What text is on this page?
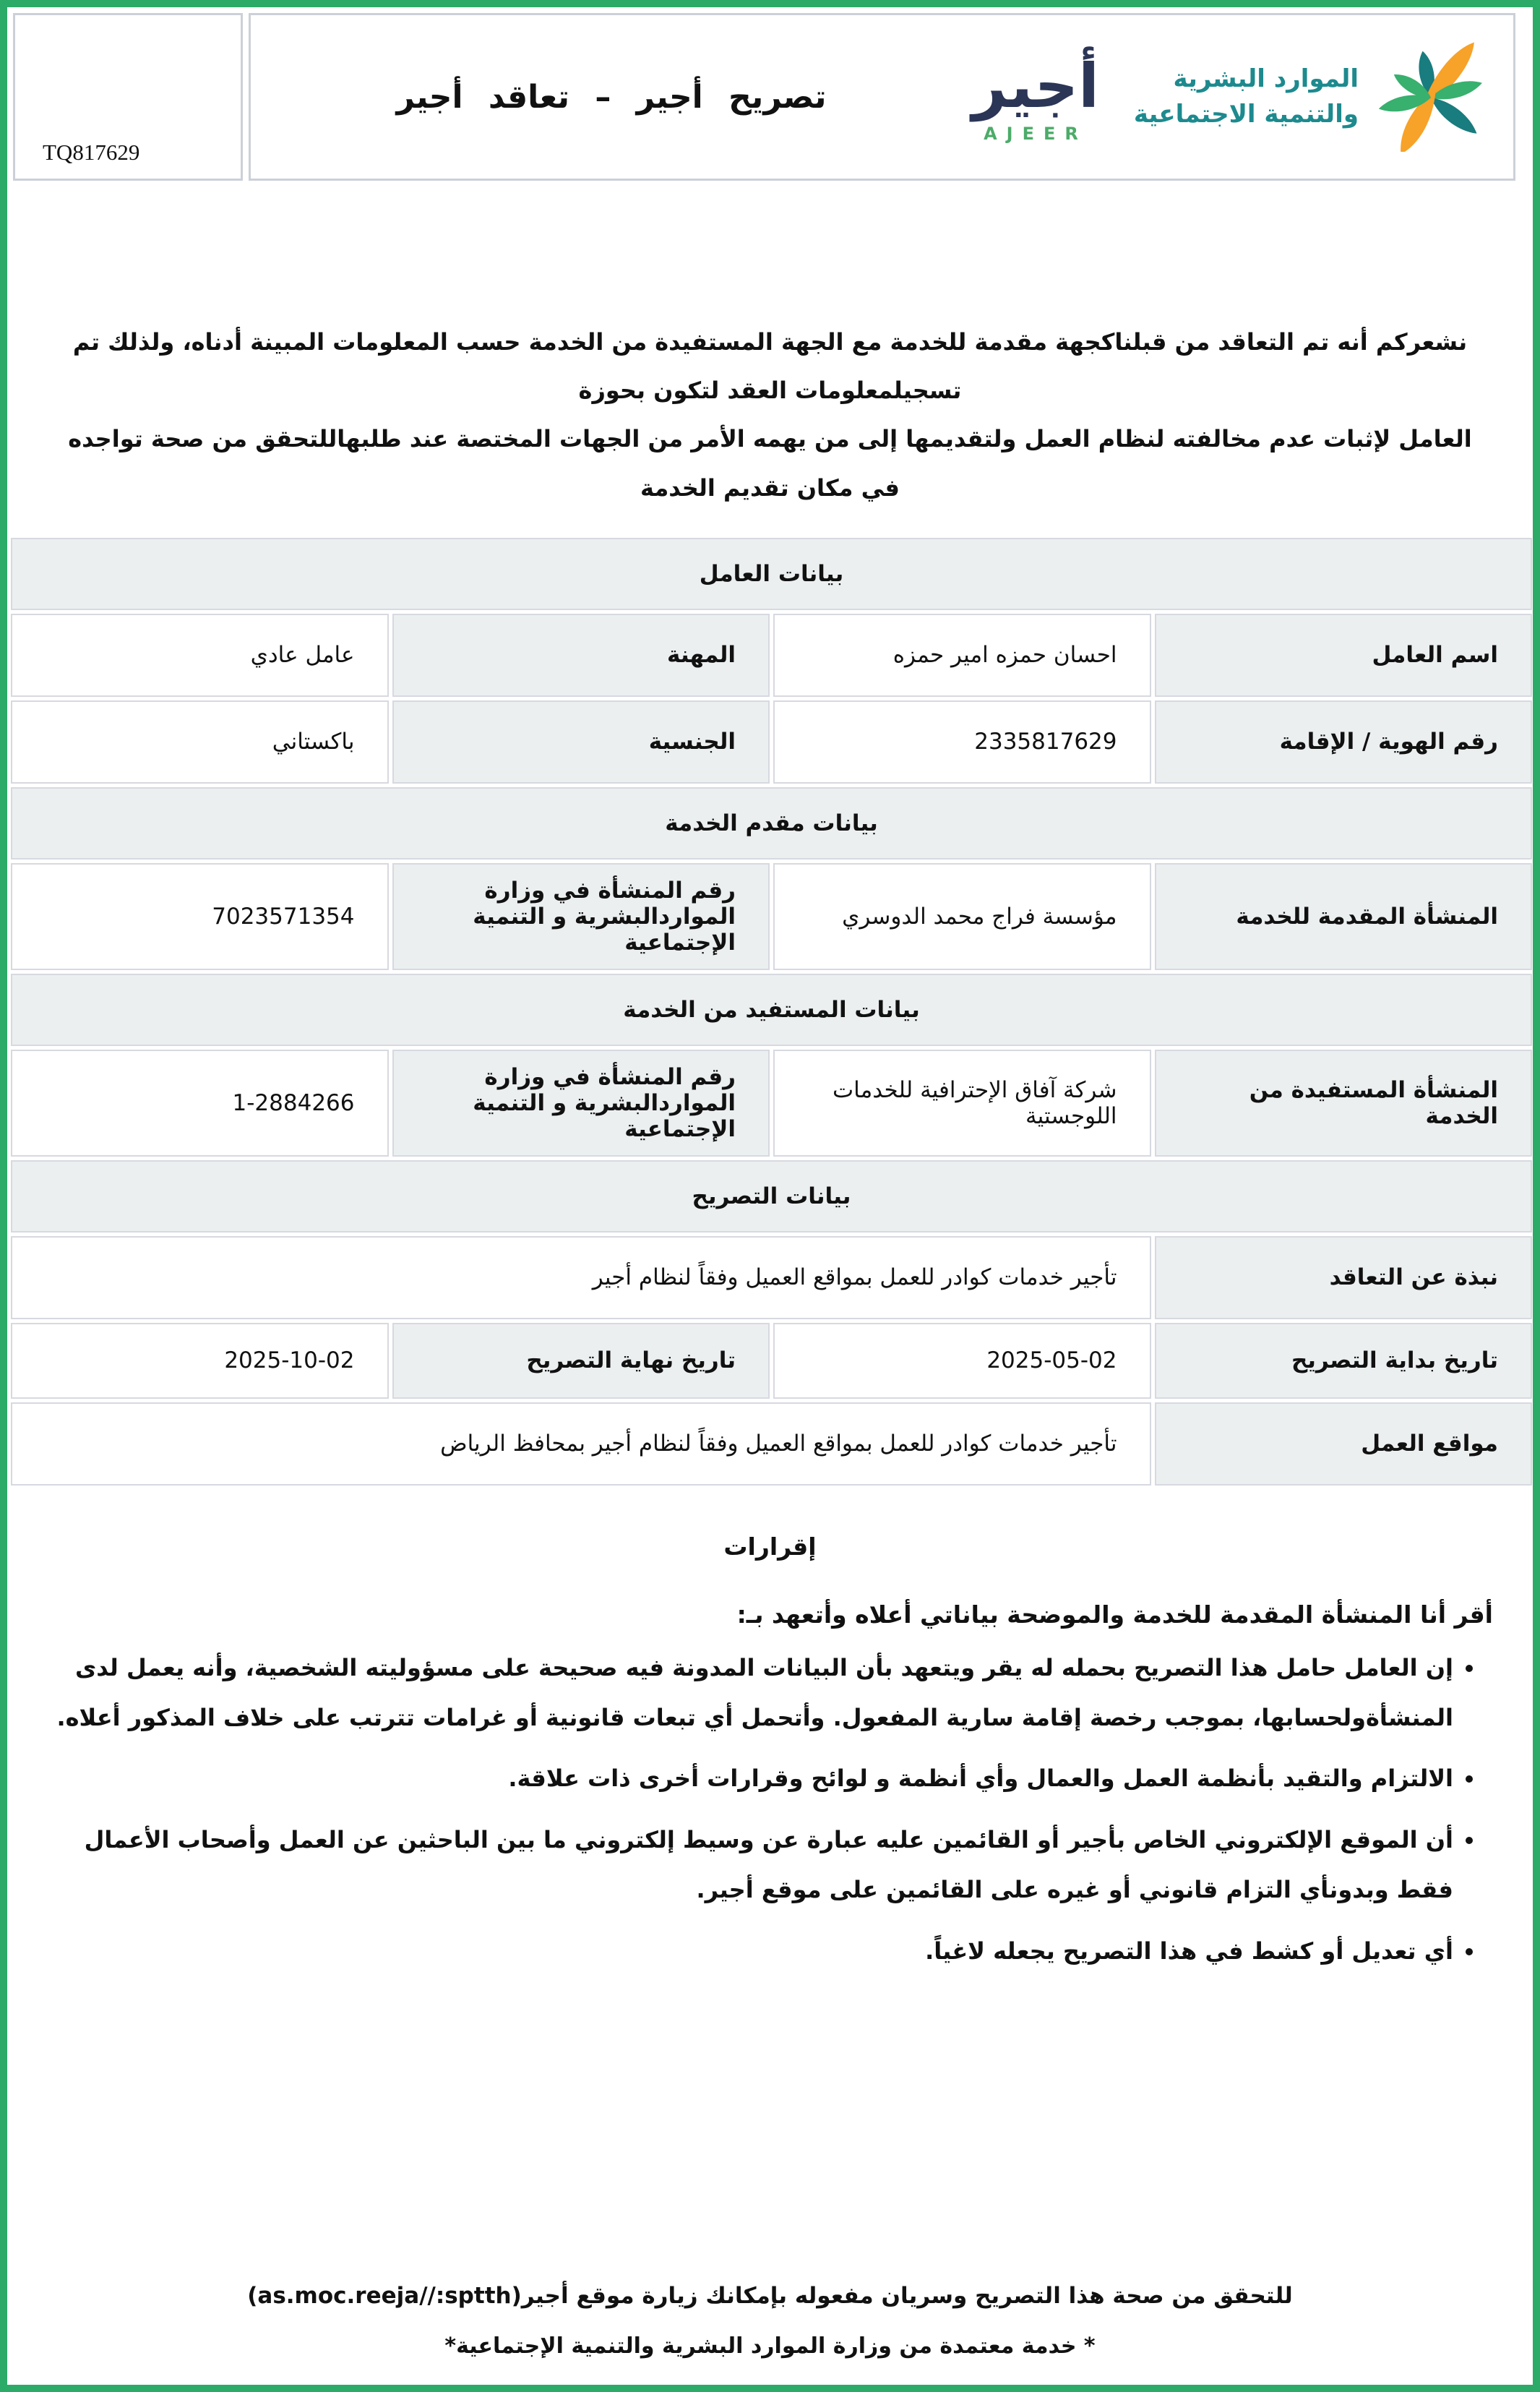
TQ817629
الموارد البشرية
والتنمية الاجتماعية
أجير
AJEER
تصريح أجير – تعاقد أجير
نشعركم أنه تم التعاقد من قبلناكجهة مقدمة للخدمة مع الجهة المستفيدة من الخدمة حسب المعلومات المبينة أدناه، ولذلك تم تسجيلمعلومات العقد لتكون بحوزة
العامل لإثبات عدم مخالفته لنظام العمل ولتقديمها إلى من يهمه الأمر من الجهات المختصة عند طلبهاللتحقق من صحة تواجده في مكان تقديم الخدمة
بيانات العامل			
اسم العامل	احسان حمزه امير حمزه	المهنة	عامل عادي
رقم الهوية / الإقامة	2335817629	الجنسية	باكستاني
بيانات مقدم الخدمة			
المنشأة المقدمة للخدمة	مؤسسة فراج محمد الدوسري	رقم المنشأة في وزارة المواردالبشرية و التنمية الإجتماعية	7023571354
بيانات المستفيد من الخدمة			
المنشأة المستفيدة من الخدمة	شركة آفاق الإحترافية للخدمات اللوجستية	رقم المنشأة في وزارة المواردالبشرية و التنمية الإجتماعية	1-2884266
بيانات التصريح			
نبذة عن التعاقد	تأجير خدمات كوادر للعمل بمواقع العميل وفقاً لنظام أجير		
تاريخ بداية التصريح	2025-05-02	تاريخ نهاية التصريح	2025-10-02
مواقع العمل	تأجير خدمات كوادر للعمل بمواقع العميل وفقاً لنظام أجير بمحافظ الرياض		
إقرارات
أقر أنا المنشأة المقدمة للخدمة والموضحة بياناتي أعلاه وأتعهد بـ:
• إن العامل حامل هذا التصريح بحمله له يقر ويتعهد بأن البيانات المدونة فيه صحيحة على مسؤوليته الشخصية، وأنه يعمل لدى المنشأةولحسابها، بموجب رخصة إقامة سارية المفعول. وأتحمل أي تبعات قانونية أو غرامات تترتب على خلاف المذكور أعلاه.
• الالتزام والتقيد بأنظمة العمل والعمال وأي أنظمة و لوائح وقرارات أخرى ذات علاقة.
• أن الموقع الإلكتروني الخاص بأجير أو القائمين عليه عبارة عن وسيط إلكتروني ما بين الباحثين عن العمل وأصحاب الأعمال فقط وبدونأي التزام قانوني أو غيره على القائمين على موقع أجير.
• أي تعديل أو كشط في هذا التصريح يجعله لاغياً.
للتحقق من صحة هذا التصريح وسريان مفعوله بإمكانك زيارة موقع أجير(as.moc.reeja//:sptth)
* خدمة معتمدة من وزارة الموارد البشرية والتنمية الإجتماعية*
